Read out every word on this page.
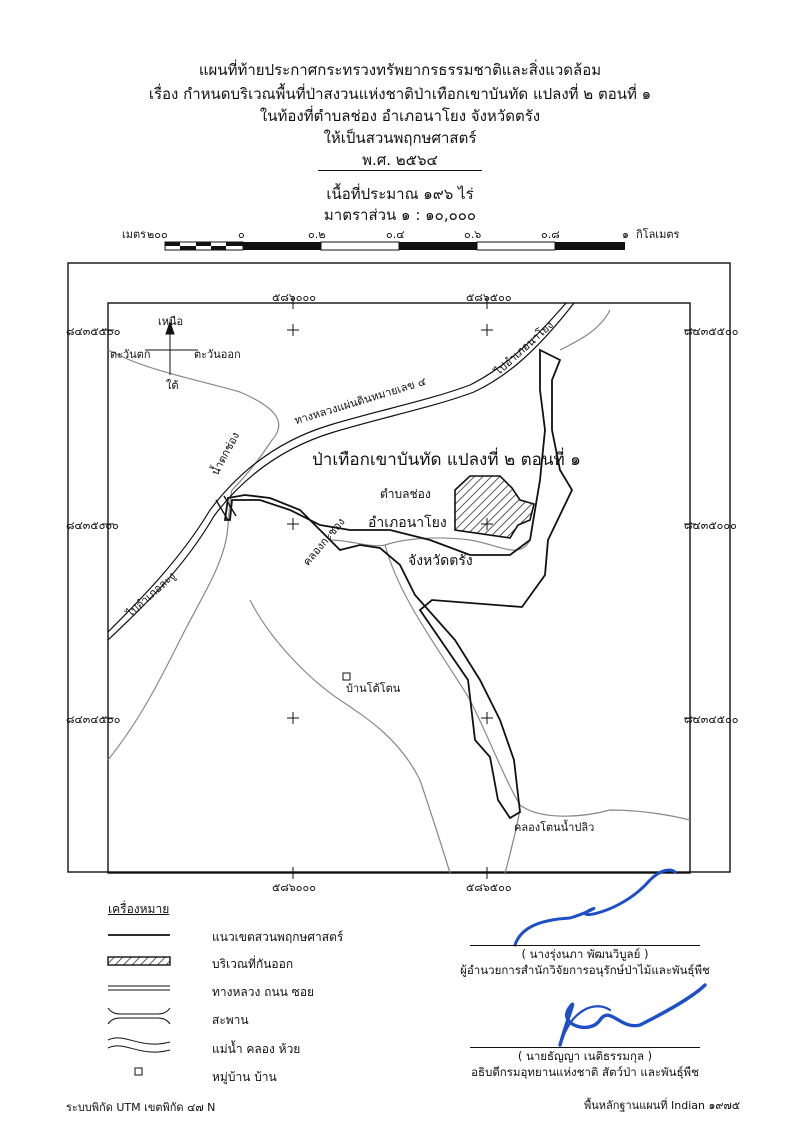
แผนที่ท้ายประกาศกระทรวงทรัพยากรธรรมชาติและสิ่งแวดล้อม
เรื่อง กำหนดบริเวณพื้นที่ป่าสงวนแห่งชาติป่าเทือกเขาบันทัด แปลงที่ ๒ ตอนที่ ๑
ในท้องที่ตำบลช่อง อำเภอนาโยง จังหวัดตรัง
ให้เป็นสวนพฤกษศาสตร์
พ.ศ. ๒๕๖๔
เนื้อที่ประมาณ ๑๙๖ ไร่
มาตราส่วน ๑ : ๑๐,๐๐๐
เมตร ๒๐๐	๐	๐.๒	๐.๔	๐.๖	๐.๘	๑ กิโลเมตร
๕๘๖๐๐๐	๕๘๖๕๐๐
๕๘๖๐๐๐	๕๘๖๕๐๐
๘๔๓๕๕๐๐
๘๔๓๕๐๐๐
๘๔๓๔๕๐๐
๘๔๓๕๕๐๐
๘๔๓๕๐๐๐
๘๔๓๔๕๐๐
เหนือ
ใต้
ตะวันตก	ตะวันออก
ป่าเทือกเขาบันทัด แปลงที่ ๒ ตอนที่ ๑
ตำบลช่อง
อำเภอนาโยง
จังหวัดตรัง
ทางหลวงแผ่นดินหมายเลข ๔
ไปอำเภอนาโยง
ไปอำเภอละงู
น้ำตกช่อง
คลองกะช่อง
คลองโตนน้ำปลิว
บ้านโต้โตน
เครื่องหมาย
แนวเขตสวนพฤกษศาสตร์
บริเวณที่กันออก
ทางหลวง ถนน ซอย
สะพาน
แม่น้ำ คลอง ห้วย
หมู่บ้าน บ้าน
( นางรุ่งนภา พัฒนวิบูลย์ )
ผู้อำนวยการสำนักวิจัยการอนุรักษ์ป่าไม้และพันธุ์พืช
( นายธัญญา เนติธรรมกุล )
อธิบดีกรมอุทยานแห่งชาติ สัตว์ป่า และพันธุ์พืช
ระบบพิกัด UTM เขตพิกัด ๔๗ N	พื้นหลักฐานแผนที่ Indian ๑๙๗๕
